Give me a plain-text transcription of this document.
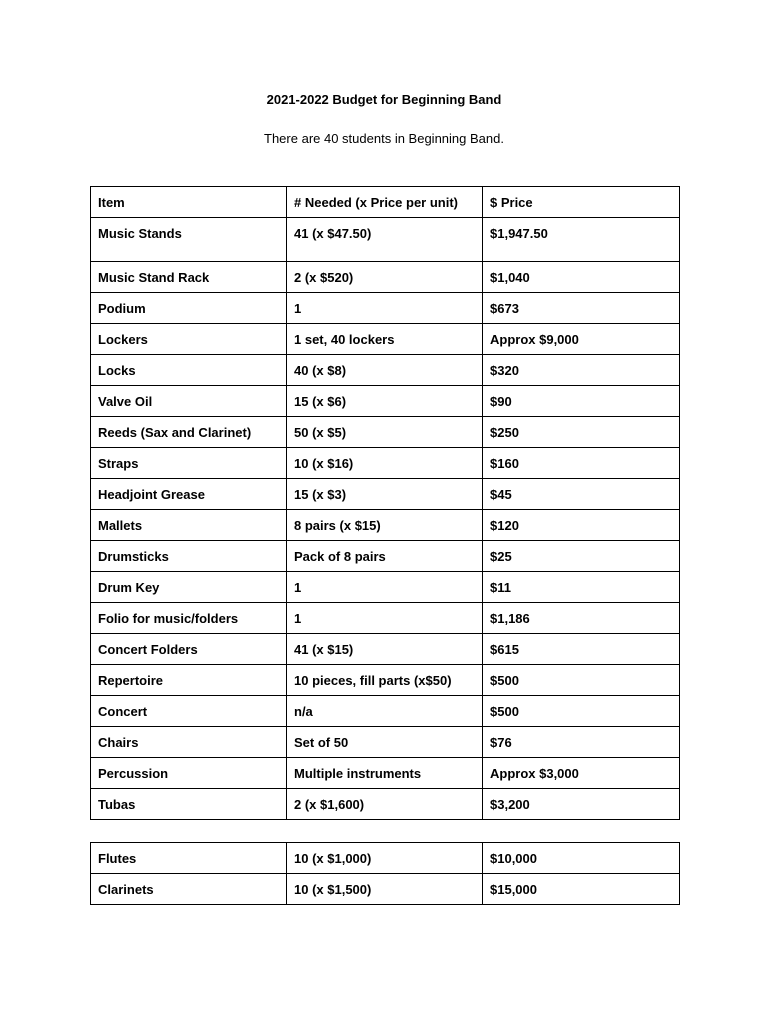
2021-2022 Budget for Beginning Band
There are 40 students in Beginning Band.
Item	# Needed (x Price per unit)	$ Price
Music Stands	41 (x $47.50)	$1,947.50
Music Stand Rack	2 (x $520)	$1,040
Podium	1	$673
Lockers	1 set, 40 lockers	Approx $9,000
Locks	40 (x $8)	$320
Valve Oil	15 (x $6)	$90
Reeds (Sax and Clarinet)	50 (x $5)	$250
Straps	10 (x $16)	$160
Headjoint Grease	15 (x $3)	$45
Mallets	8 pairs (x $15)	$120
Drumsticks	Pack of 8 pairs	$25
Drum Key	1	$11
Folio for music/folders	1	$1,186
Concert Folders	41 (x $15)	$615
Repertoire	10 pieces, fill parts (x$50)	$500
Concert	n/a	$500
Chairs	Set of 50	$76
Percussion	Multiple instruments	Approx $3,000
Tubas	2 (x $1,600)	$3,200
Flutes	10 (x $1,000)	$10,000
Clarinets	10 (x $1,500)	$15,000
